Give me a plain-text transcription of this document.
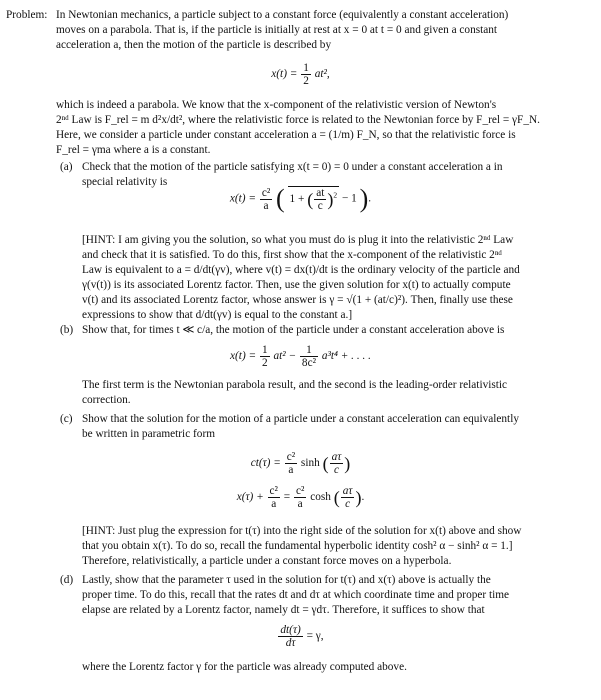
Problem: In Newtonian mechanics, a particle subject to a constant force (equivalently a constant acceleration)
moves on a parabola. That is, if the particle is initially at rest at x = 0 at t = 0 and given a constant
acceleration a, then the motion of the particle is described by
$x(t) = \frac{1}{2} at^2$,
which is indeed a parabola. We know that the x-component of the relativistic version of Newton's
2ⁿᵈ Law is F_rel = m d²x/dt², where the relativistic force is related to the Newtonian force by F_rel = γF_N.
Here, we consider a particle under constant acceleration a = (1/m) F_N, so that the relativistic force is
F_rel = γma where a is a constant.
(a) Check that the motion of the particle satisfying x(t = 0) = 0 under a constant acceleration a in
special relativity is
$x(t) = \frac{\text{c²}}{a}$ ( 1 + ( $\frac{at}{c} )^2 - 1$ ).
[HINT: I am giving you the solution, so what you must do is plug it into the relativistic 2ⁿᵈ Law
and check that it is satisfied. To do this, first show that the x-component of the relativistic 2ⁿᵈ
Law is equivalent to a = d/dt(γv), where v(t) = dx(t)/dt is the ordinary velocity of the particle and
γ(v(t)) is its associated Lorentz factor. Then, use the given solution for x(t) to actually compute
v(t) and its associated Lorentz factor, whose answer is γ = √(1 + (at/c)²). Then, finally use these
expressions to show that d/dt(γv) is equal to the constant a.]
(b) Show that, for times t ≪ c/a, the motion of the particle under a constant acceleration above is
$x(t) = \frac{1}{2} at^2 - \frac{1}{\text{8c²}} a^3t^4$ + . . . .
The first term is the Newtonian parabola result, and the second is the leading-order relativistic
correction.
(c) Show that the solution for the motion of a particle under a constant acceleration can equivalently
be written in parametric form
$ct(\tau) = \frac{\text{c²}}{a}$ sinh ( $\frac{a\tau}{c}$ )
$x(\tau) + \frac{\text{c²}}{a} = \frac{\text{c²}}{a}$ cosh ( $\frac{a\tau}{c}$ ).
[HINT: Just plug the expression for t(τ) into the right side of the solution for x(t) above and show
that you obtain x(τ). To do so, recall the fundamental hyperbolic identity cosh² α − sinh² α = 1.]
Therefore, relativistically, a particle under a constant force moves on a hyperbola.
(d) Lastly, show that the parameter τ used in the solution for t(τ) and x(τ) above is actually the
proper time. To do this, recall that the rates dt and dτ at which coordinate time and proper time
elapse are related by a Lorentz factor, namely dt = γdτ. Therefore, it suffices to show that
$\frac{dt(\tau)}{d\tau} = \gamma$,
where the Lorentz factor γ for the particle was already computed above.
